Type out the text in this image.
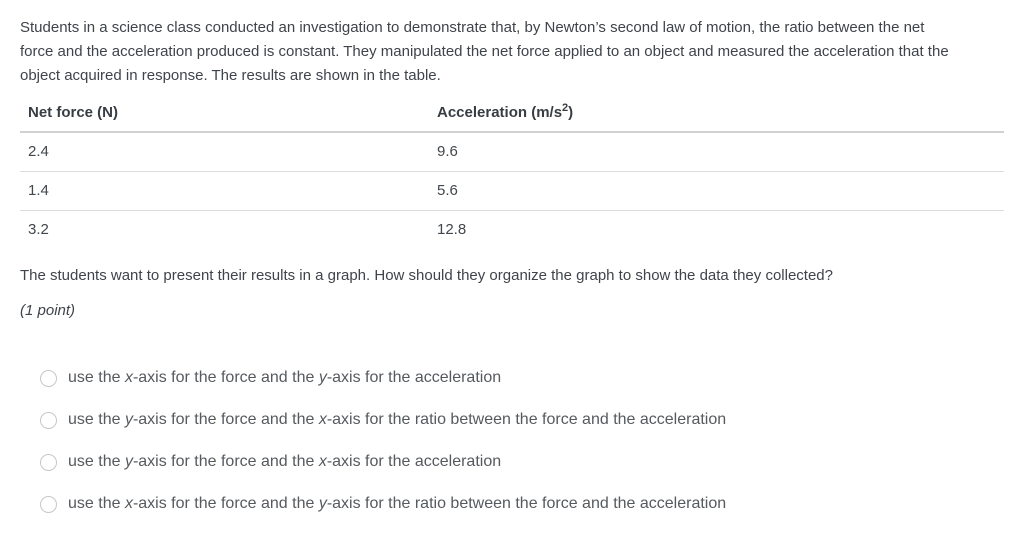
Students in a science class conducted an investigation to demonstrate that, by Newton’s second law of motion, the ratio between the net
force and the acceleration produced is constant. They manipulated the net force applied to an object and measured the acceleration that the
object acquired in response. The results are shown in the table.
Net force (N)	Acceleration $(m/s^2)$
2.4	9.6
1.4	5.6
3.2	12.8
The students want to present their results in a graph. How should they organize the graph to show the data they collected?
(1 point)
use the x-axis for the force and the y-axis for the acceleration
use the y-axis for the force and the x-axis for the ratio between the force and the acceleration
use the y-axis for the force and the x-axis for the acceleration
use the x-axis for the force and the y-axis for the ratio between the force and the acceleration
